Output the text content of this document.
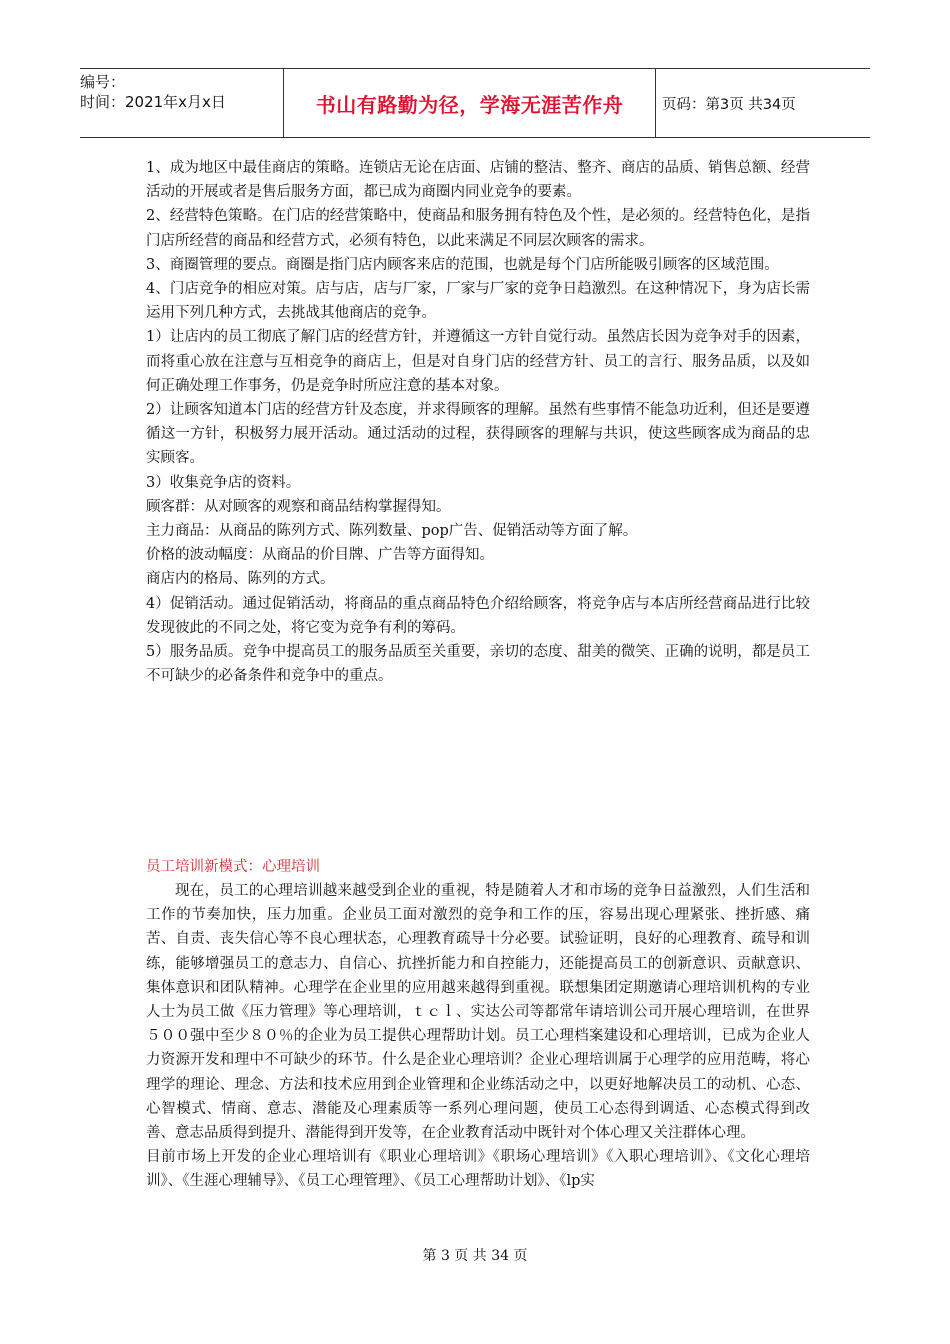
编号：
时间：2021年x月x日	书山有路勤为径，学海无涯苦作舟	页码：第3页 共34页

1、成为地区中最佳商店的策略。连锁店无论在店面、店铺的整洁、整齐、商店的品质、销售总额、经营活动的开展或者是售后服务方面，都已成为商圈内同业竞争的要素。

2、经营特色策略。在门店的经营策略中，使商品和服务拥有特色及个性，是必须的。经营特色化，是指门店所经营的商品和经营方式，必须有特色，以此来满足不同层次顾客的需求。

3、商圈管理的要点。商圈是指门店内顾客来店的范围，也就是每个门店所能吸引顾客的区域范围。

4、门店竞争的相应对策。店与店，店与厂家，厂家与厂家的竞争日趋激烈。在这种情况下，身为店长需运用下列几种方式，去挑战其他商店的竞争。

1）让店内的员工彻底了解门店的经营方针，并遵循这一方针自觉行动。虽然店长因为竞争对手的因素，而将重心放在注意与互相竞争的商店上，但是对自身门店的经营方针、员工的言行、服务品质，以及如何正确处理工作事务，仍是竞争时所应注意的基本对象。

2）让顾客知道本门店的经营方针及态度，并求得顾客的理解。虽然有些事情不能急功近利，但还是要遵循这一方针，积极努力展开活动。通过活动的过程，获得顾客的理解与共识，使这些顾客成为商品的忠实顾客。

3）收集竞争店的资料。

顾客群：从对顾客的观察和商品结构掌握得知。

主力商品：从商品的陈列方式、陈列数量、pop广告、促销活动等方面了解。

价格的波动幅度：从商品的价目牌、广告等方面得知。

商店内的格局、陈列的方式。

4）促销活动。通过促销活动，将商品的重点商品特色介绍给顾客，将竞争店与本店所经营商品进行比较发现彼此的不同之处，将它变为竞争有利的筹码。

5）服务品质。竞争中提高员工的服务品质至关重要，亲切的态度、甜美的微笑、正确的说明，都是员工不可缺少的必备条件和竞争中的重点。

员工培训新模式：心理培训

现在，员工的心理培训越来越受到企业的重视，特是随着人才和市场的竞争日益激烈，人们生活和工作的节奏加快，压力加重。企业员工面对激烈的竞争和工作的压，容易出现心理紧张、挫折感、痛苦、自责、丧失信心等不良心理状态，心理教育疏导十分必要。试验证明，良好的心理教育、疏导和训练，能够增强员工的意志力、自信心、抗挫折能力和自控能力，还能提高员工的创新意识、贡献意识、集体意识和团队精神。心理学在企业里的应用越来越得到重视。联想集团定期邀请心理培训机构的专业人士为员工做《压力管理》等心理培训，ｔｃｌ、实达公司等都常年请培训公司开展心理培训，在世界５００强中至少８０％的企业为员工提供心理帮助计划。员工心理档案建设和心理培训，已成为企业人力资源开发和理中不可缺少的环节。什么是企业心理培训？企业心理培训属于心理学的应用范畴，将心理学的理论、理念、方法和技术应用到企业管理和企业练活动之中，以更好地解决员工的动机、心态、心智模式、情商、意志、潜能及心理素质等一系列心理问题，使员工心态得到调适、心态模式得到改善、意志品质得到提升、潜能得到开发等，在企业教育活动中既针对个体心理又关注群体心理。

目前市场上开发的企业心理培训有《职业心理培训》《职场心理培训》《入职心理培训》、《文化心理培训》、《生涯心理辅导》、《员工心理管理》、《员工心理帮助计划》、《lp实

第 3 页 共 34 页
